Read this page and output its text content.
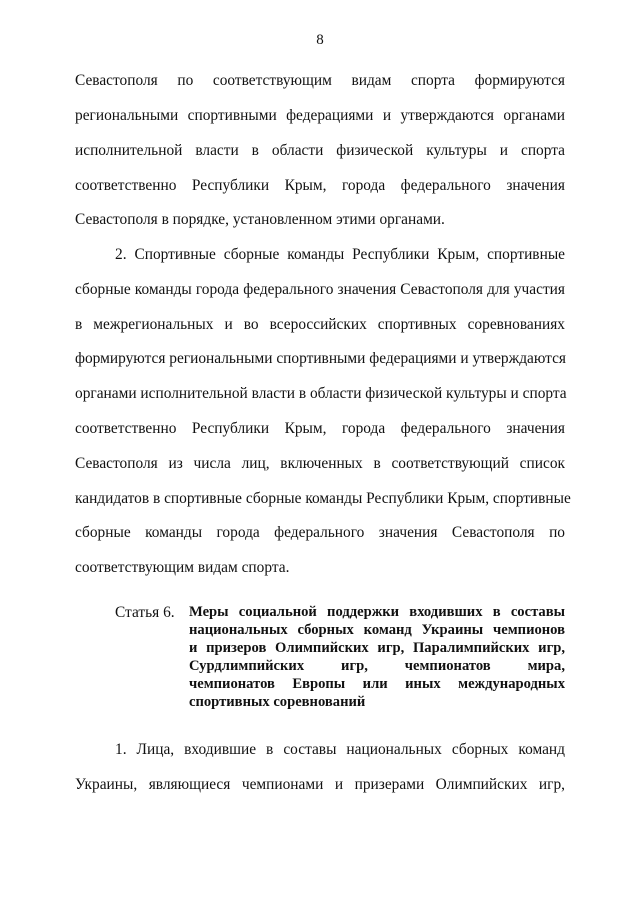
8
Севастополя по соответствующим видам спорта формируются
региональными спортивными федерациями и утверждаются органами
исполнительной власти в области физической культуры и спорта
соответственно Республики Крым, города федерального значения
Севастополя в порядке, установленном этими органами.
2. Спортивные сборные команды Республики Крым, спортивные
сборные команды города федерального значения Севастополя для участия
в межрегиональных и во всероссийских спортивных соревнованиях
формируются региональными спортивными федерациями и утверждаются
органами исполнительной власти в области физической культуры и спорта
соответственно Республики Крым, города федерального значения
Севастополя из числа лиц, включенных в соответствующий список
кандидатов в спортивные сборные команды Республики Крым, спортивные
сборные команды города федерального значения Севастополя по
соответствующим видам спорта.
Статья 6. Меры социальной поддержки входивших в составы
национальных сборных команд Украины чемпионов
и призеров Олимпийских игр, Паралимпийских игр,
Сурдлимпийских игр, чемпионатов мира,
чемпионатов Европы или иных международных
спортивных соревнований
1. Лица, входившие в составы национальных сборных команд
Украины, являющиеся чемпионами и призерами Олимпийских игр,
